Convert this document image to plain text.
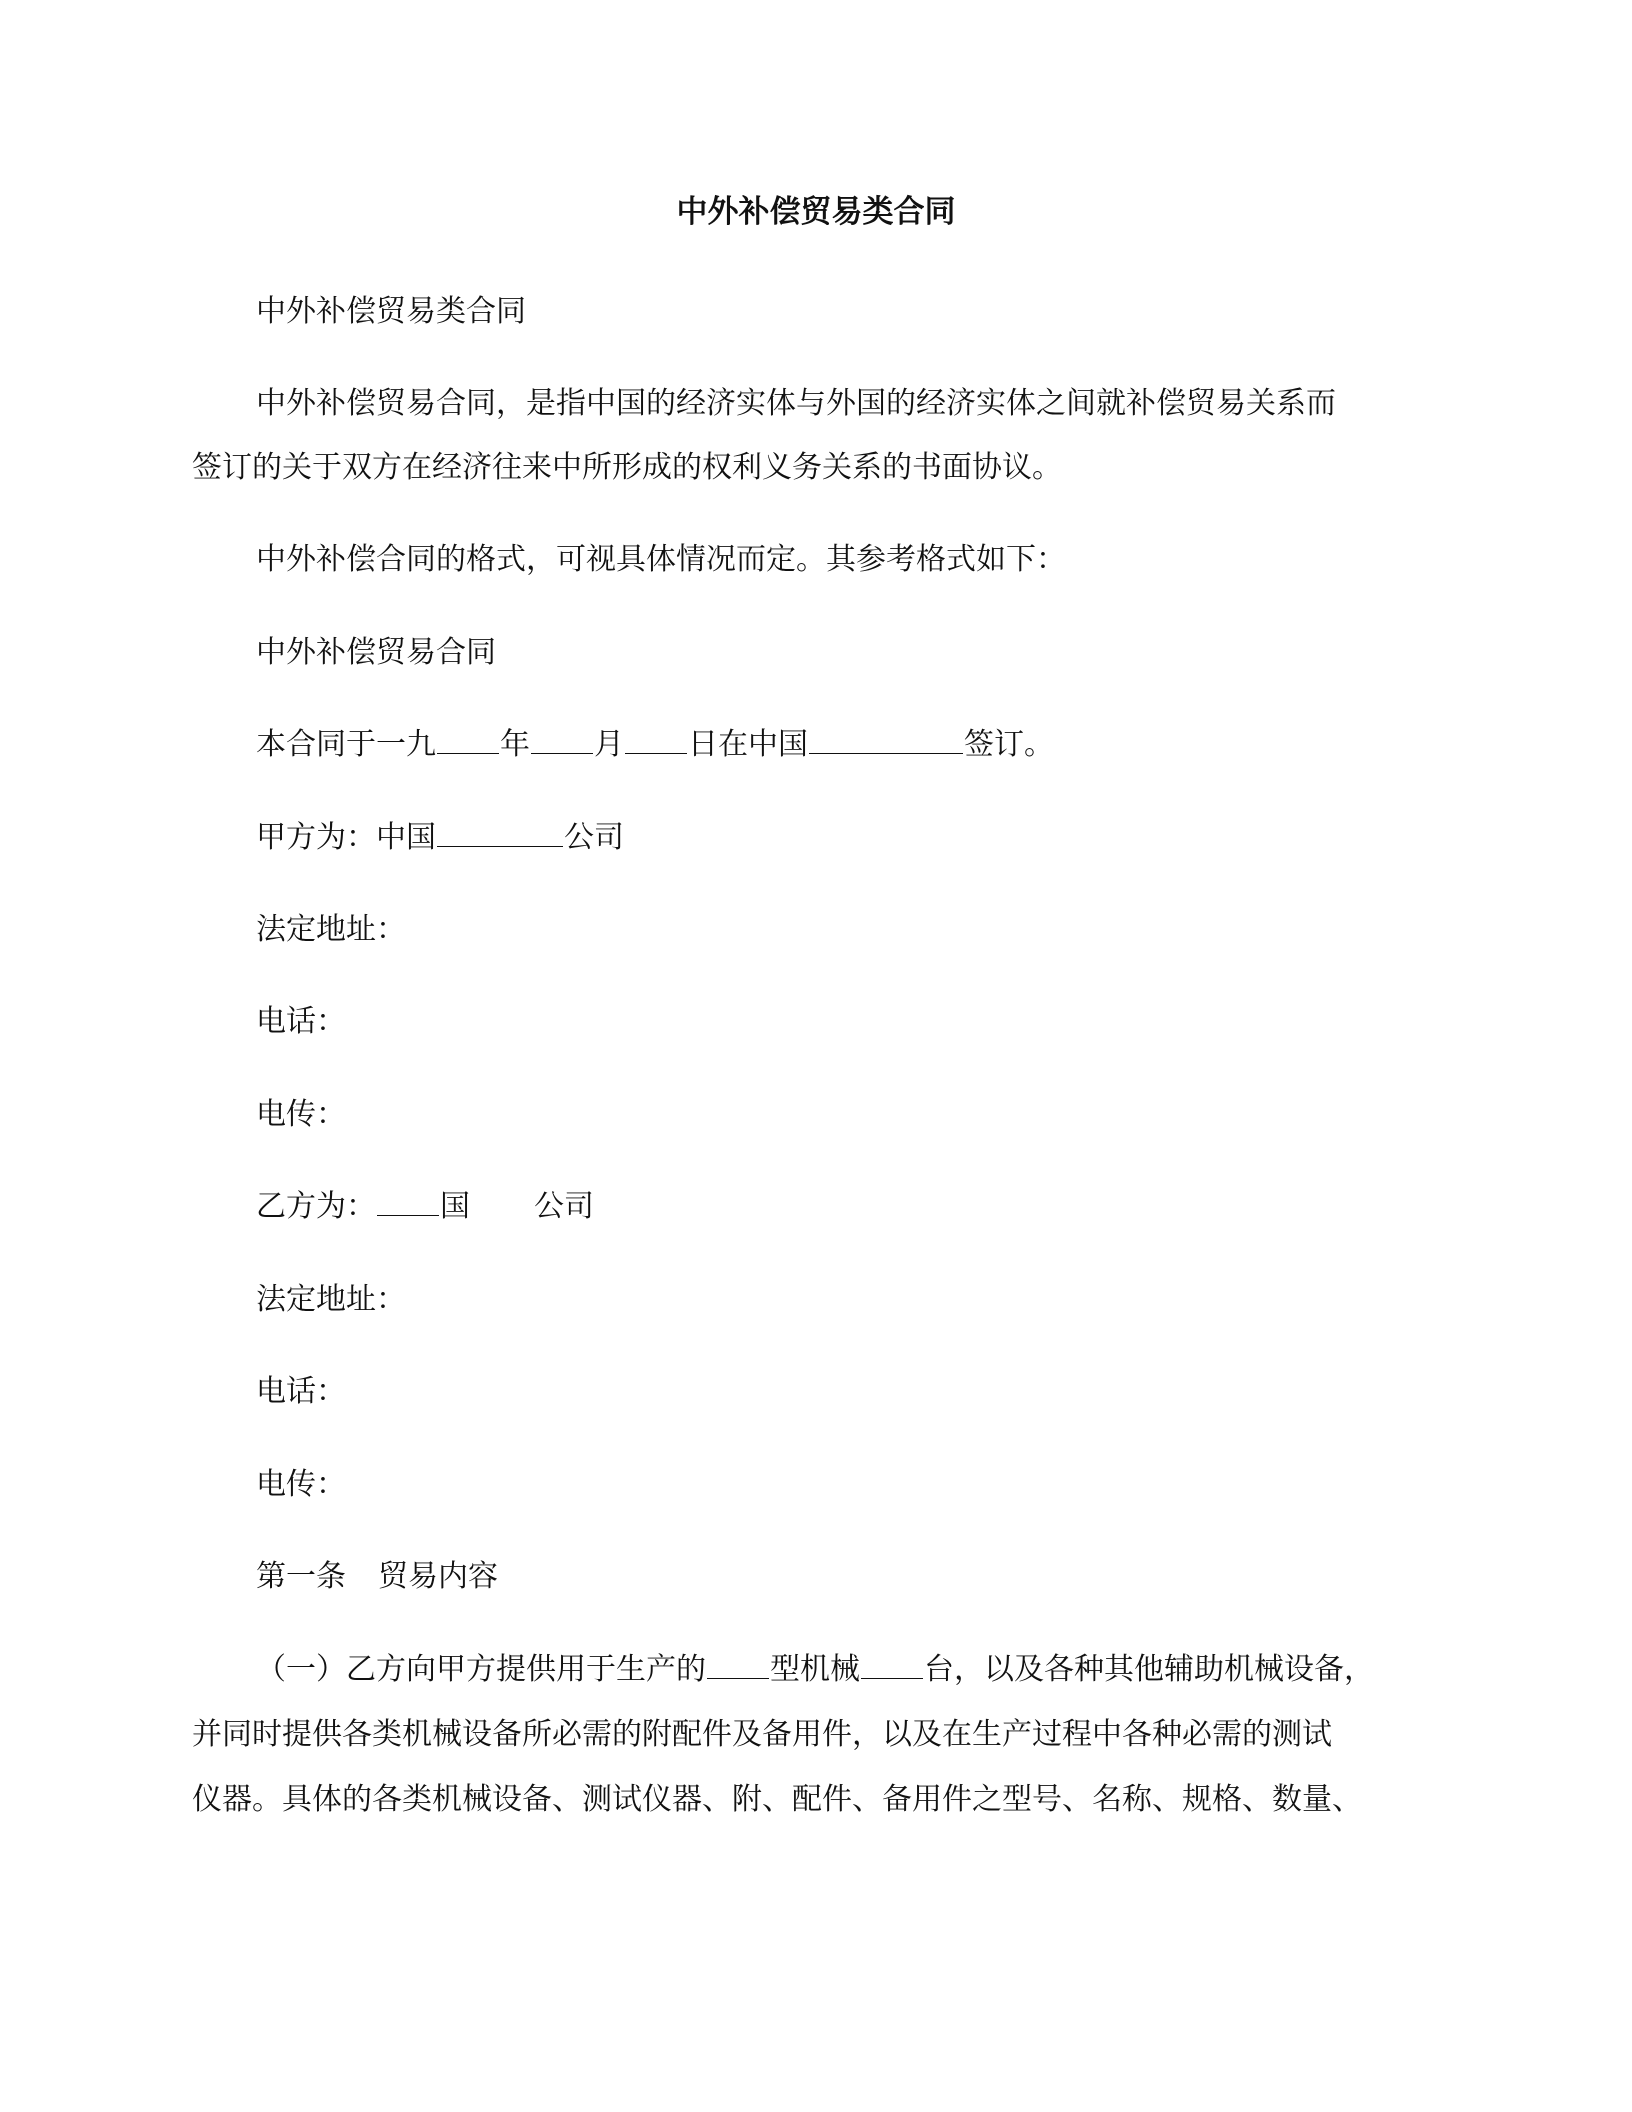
中外补偿贸易类合同
中外补偿贸易类合同
中外补偿贸易合同，是指中国的经济实体与外国的经济实体之间就补偿贸易关系而
签订的关于双方在经济往来中所形成的权利义务关系的书面协议。
中外补偿合同的格式，可视具体情况而定。其参考格式如下：
中外补偿贸易合同
本合同于一九 年 月 日在中国	签订。
甲方为：中国	公司
法定地址：
电话：
电传：
乙方为： 国 公司
法定地址：
电话：
电传：
第一条 贸易内容
（一）乙方向甲方提供用于生产的 型机械 台，以及各种其他辅助机械设备，
并同时提供各类机械设备所必需的附配件及备用件，以及在生产过程中各种必需的测试
仪器。具体的各类机械设备、测试仪器、附、配件、备用件之型号、名称、规格、数量、
